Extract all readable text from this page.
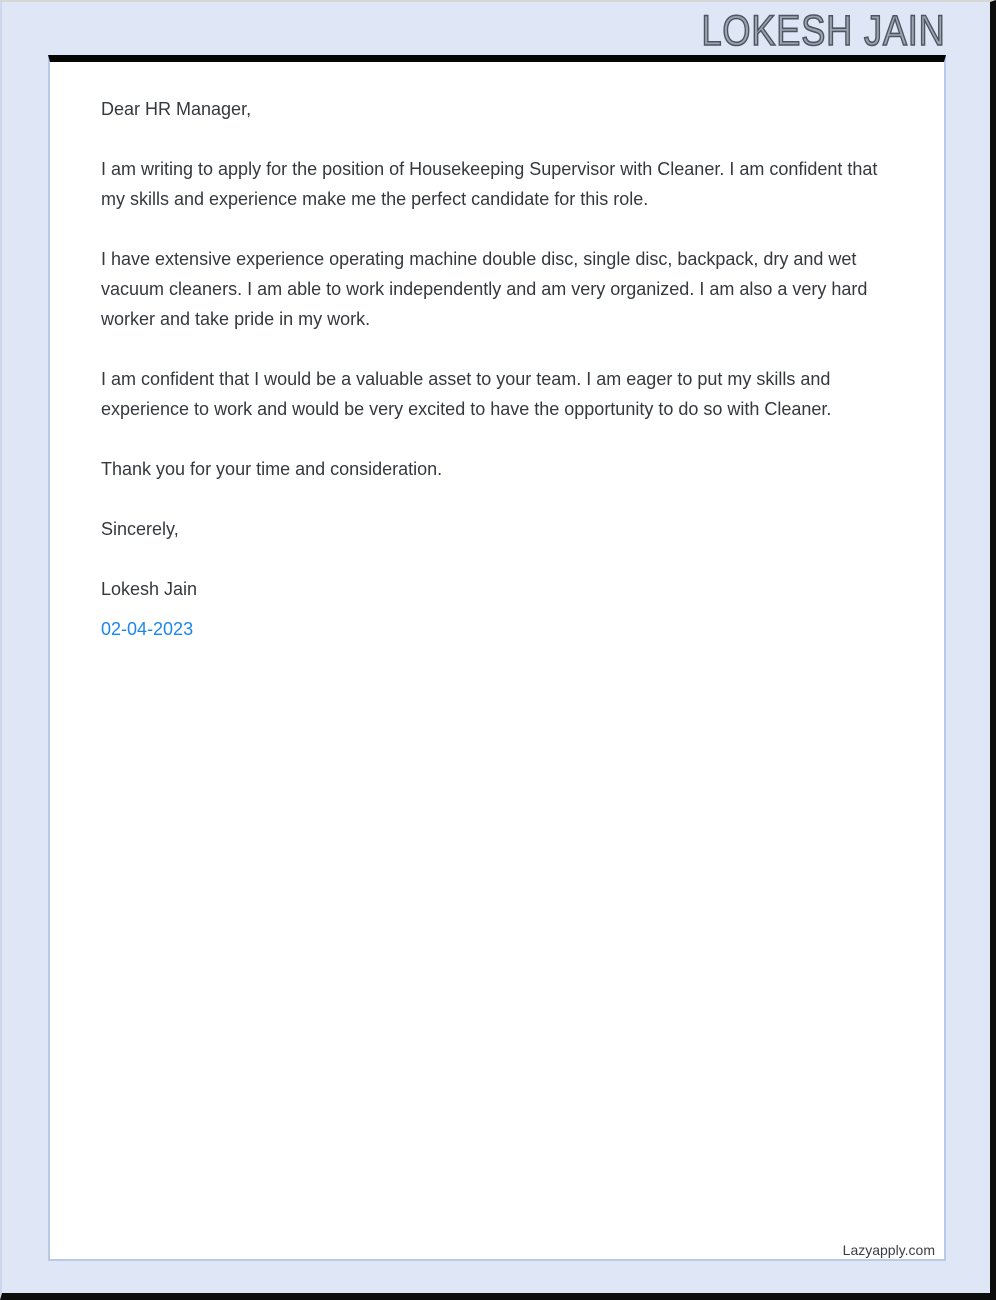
LOKESH JAIN

Dear HR Manager,

I am writing to apply for the position of Housekeeping Supervisor with Cleaner. I am confident that my skills and experience make me the perfect candidate for this role.

I have extensive experience operating machine double disc, single disc, backpack, dry and wet vacuum cleaners. I am able to work independently and am very organized. I am also a very hard worker and take pride in my work.

I am confident that I would be a valuable asset to your team. I am eager to put my skills and experience to work and would be very excited to have the opportunity to do so with Cleaner.

Thank you for your time and consideration.

Sincerely,

Lokesh Jain

02-04-2023
Lazyapply.com
